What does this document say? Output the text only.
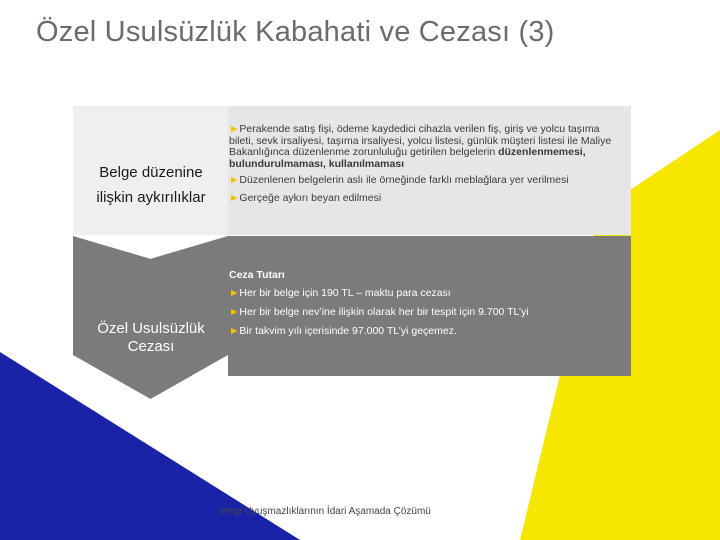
Özel Usulsüzlük Kabahati ve Cezası (3)
Belge düzenine
ilişkin aykırılıklar
Özel Usulsüzlük
Cezası

►Perakende satış fişi, ödeme kaydedici cihazla verilen fiş, giriş ve yolcu taşıma bileti, sevk irsaliyesi, taşıma irsaliyesi, yolcu listesi, günlük müşteri listesi ile Maliye Bakanlığınca düzenlenme zorunluluğu getirilen belgelerin düzenlenmemesi, bulundurulmaması, kullanılmaması

►Düzenlenen belgelerin aslı ile örneğinde farklı meblağlara yer verilmesi

►Gerçeğe aykırı beyan edilmesi

Ceza Tutarı

►Her bir belge için 190 TL – maktu para cezası

►Her bir belge nev’ine ilişkin olarak her bir tespit için 9.700 TL’yi

►Bir takvim yılı içerisinde 97.000 TL’yi geçemez.

Vergi Uyuşmazlıklarının İdari Aşamada Çözümü
